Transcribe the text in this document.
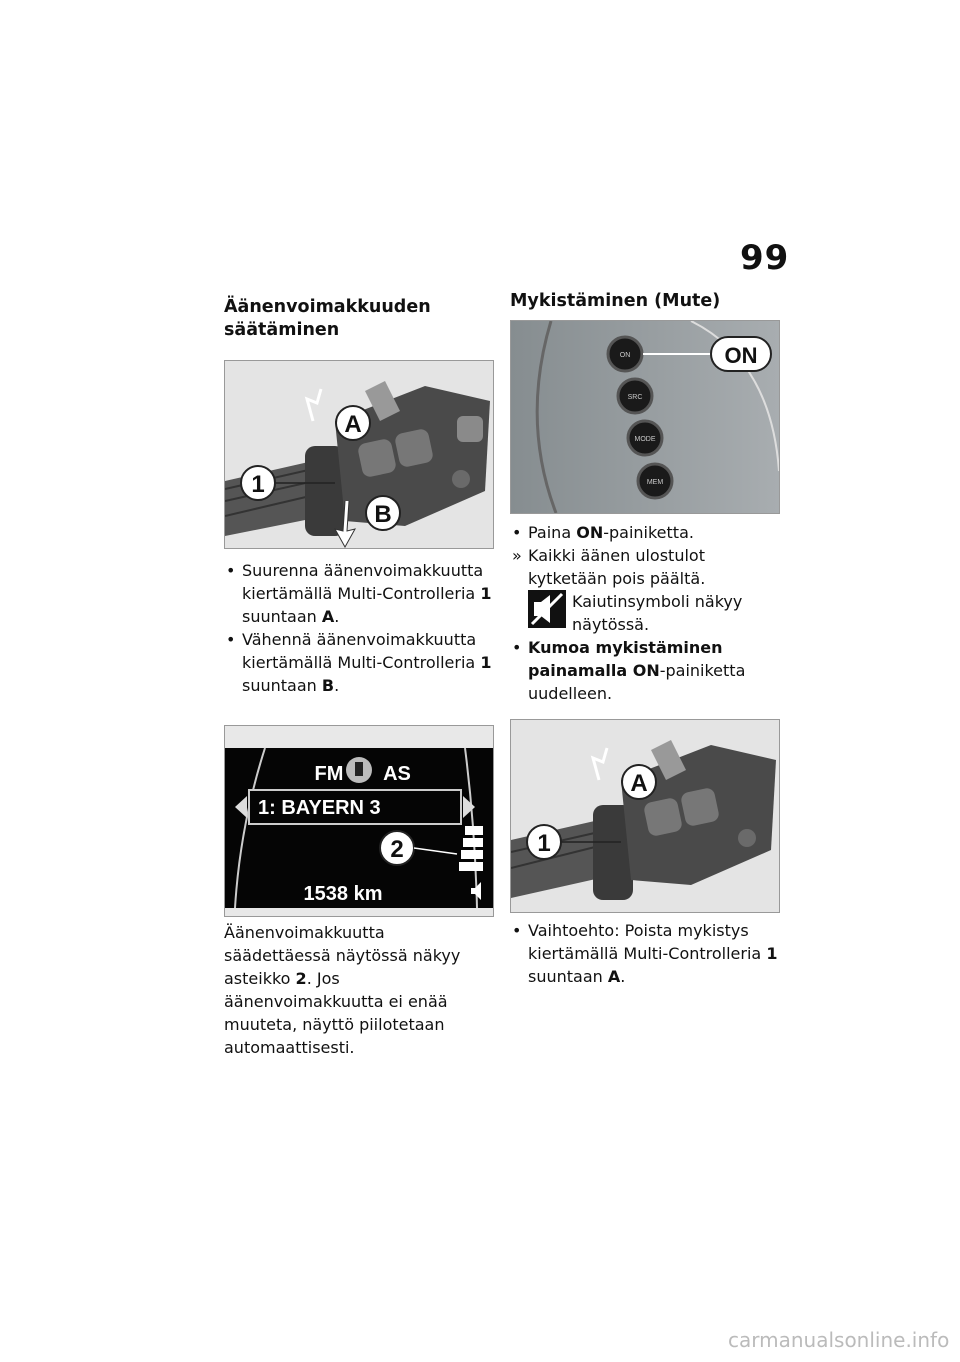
99
Äänenvoimakkuuden
säätäminen
A
1
B
• Suurenna äänenvoimakkuutta kiertämällä Multi-Controlleria 1 suuntaan A.
• Vähennä äänenvoimakkuutta kiertämällä Multi-Controlleria 1 suuntaan B.
FM AS
1: BAYERN 3
2
1538 km

Äänenvoimakkuutta säädettäessä näytössä näkyy asteikko 2. Jos äänenvoimakkuutta ei enää muuteta, näyttö piilotetaan automaattisesti.

Mykistäminen (Mute)
ON
SRC
MODE
MEM
ON
• Paina ON-painiketta.
» Kaikki äänen ulostulot kytketään pois päältä.
Kaiutinsymboli näkyy näytössä.
• Kumoa mykistäminen painamalla ON-painiketta uudelleen.
A
1
• Vaihtoehto: Poista mykistys kiertämällä Multi-Controlleria 1 suuntaan A.
carmanualsonline.info
